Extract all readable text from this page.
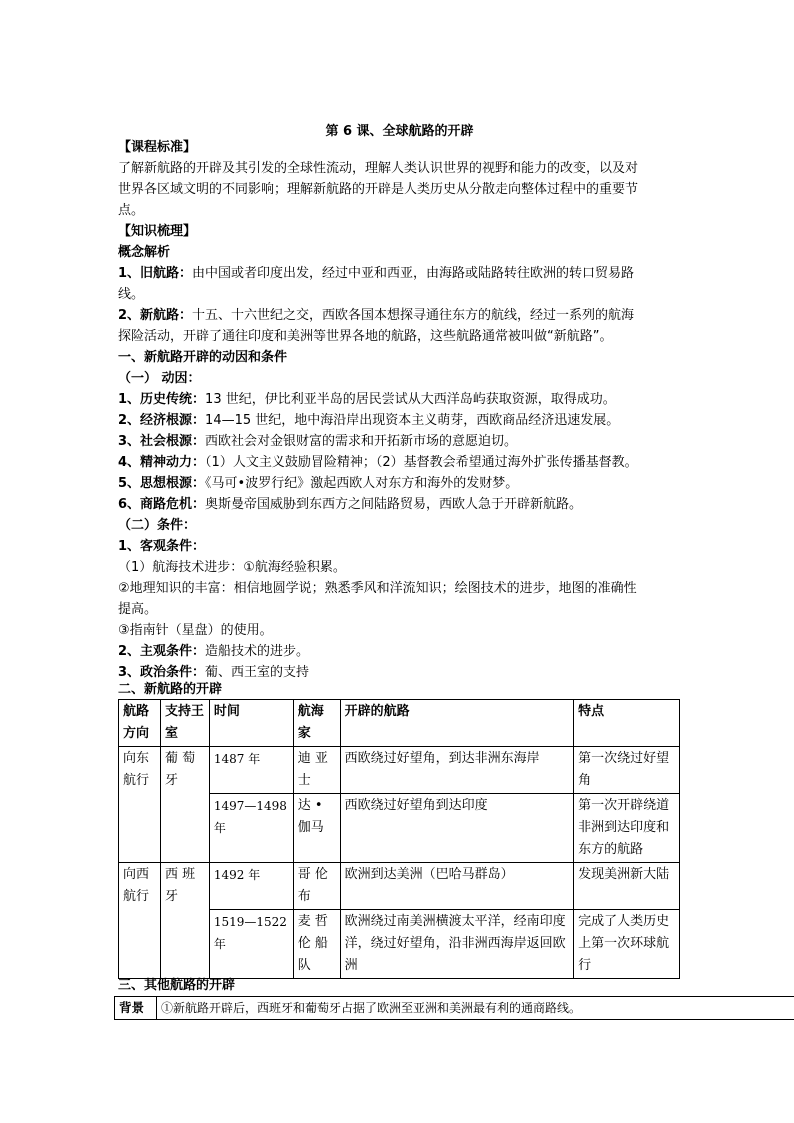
第 6 课、全球航路的开辟
【课程标准】
了解新航路的开辟及其引发的全球性流动，理解人类认识世界的视野和能力的改变，以及对
世界各区域文明的不同影响；理解新航路的开辟是人类历史从分散走向整体过程中的重要节
点。
【知识梳理】
概念解析
1、旧航路：由中国或者印度出发，经过中亚和西亚，由海路或陆路转往欧洲的转口贸易路
线。
2、新航路：十五、十六世纪之交，西欧各国本想探寻通往东方的航线，经过一系列的航海
探险活动，开辟了通往印度和美洲等世界各地的航路，这些航路通常被叫做“新航路”。
一、新航路开辟的动因和条件
（一） 动因：
1、历史传统：13 世纪，伊比利亚半岛的居民尝试从大西洋岛屿获取资源，取得成功。
2、经济根源：14—15 世纪，地中海沿岸出现资本主义萌芽，西欧商品经济迅速发展。
3、社会根源：西欧社会对金银财富的需求和开拓新市场的意愿迫切。
4、精神动力：（1）人文主义鼓励冒险精神；（2）基督教会希望通过海外扩张传播基督教。
5、思想根源：《马可•波罗行纪》激起西欧人对东方和海外的发财梦。
6、商路危机：奥斯曼帝国威胁到东西方之间陆路贸易，西欧人急于开辟新航路。
（二）条件：
1、客观条件：
（1）航海技术进步：①航海经验积累。
②地理知识的丰富：相信地圆学说；熟悉季风和洋流知识；绘图技术的进步，地图的准确性
提高。
③指南针（星盘）的使用。
2、主观条件：造船技术的进步。
3、政治条件：葡、西王室的支持
二、新航路的开辟
航路方向	支持王室	时间	航海家	开辟的航路	特点
向东航行	葡 萄 牙	1487 年	迪 亚 士	西欧绕过好望角，到达非洲东海岸	第一次绕过好望角
		1497—1498 年	达 • 伽马	西欧绕过好望角到达印度	第一次开辟绕道非洲到达印度和东方的航路
向西航行	西 班 牙	1492 年	哥 伦 布	欧洲到达美洲（巴哈马群岛）	发现美洲新大陆
		1519—1522 年	麦 哲 伦 船 队	欧洲绕过南美洲横渡太平洋，经南印度洋，绕过好望角，沿非洲西海岸返回欧洲	完成了人类历史上第一次环球航行
三、其他航路的开辟
背景	①新航路开辟后，西班牙和葡萄牙占据了欧洲至亚洲和美洲最有利的通商路线。
